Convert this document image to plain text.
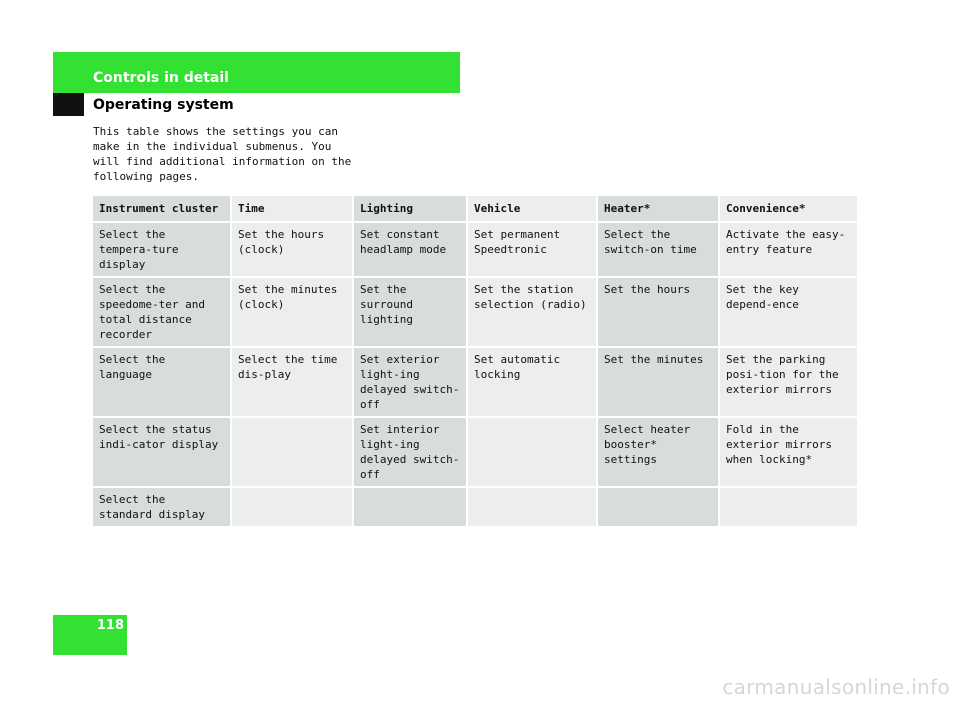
Controls in detail
Operating system

This table shows the settings you can make in the individual submenus. You will find additional information on the following pages.

Instrument cluster	Time	Lighting	Vehicle	Heater*	Convenience*
Select the tempera-ture display	Set the hours (clock)	Set constant headlamp mode	Set permanent Speedtronic	Select the switch-on time	Activate the easy-entry feature
Select the speedome-ter and total distance recorder	Set the minutes (clock)	Set the surround lighting	Set the station selection (radio)	Set the hours	Set the key depend-ence
Select the language	Select the time dis-play	Set exterior light-ing delayed switch-off	Set automatic locking	Set the minutes	Set the parking posi-tion for the exterior mirrors
Select the status indi-cator display		Set interior light-ing delayed switch-off		Select heater booster* settings	Fold in the exterior mirrors when locking*
Select the standard display					
118
carmanualsonline.info
